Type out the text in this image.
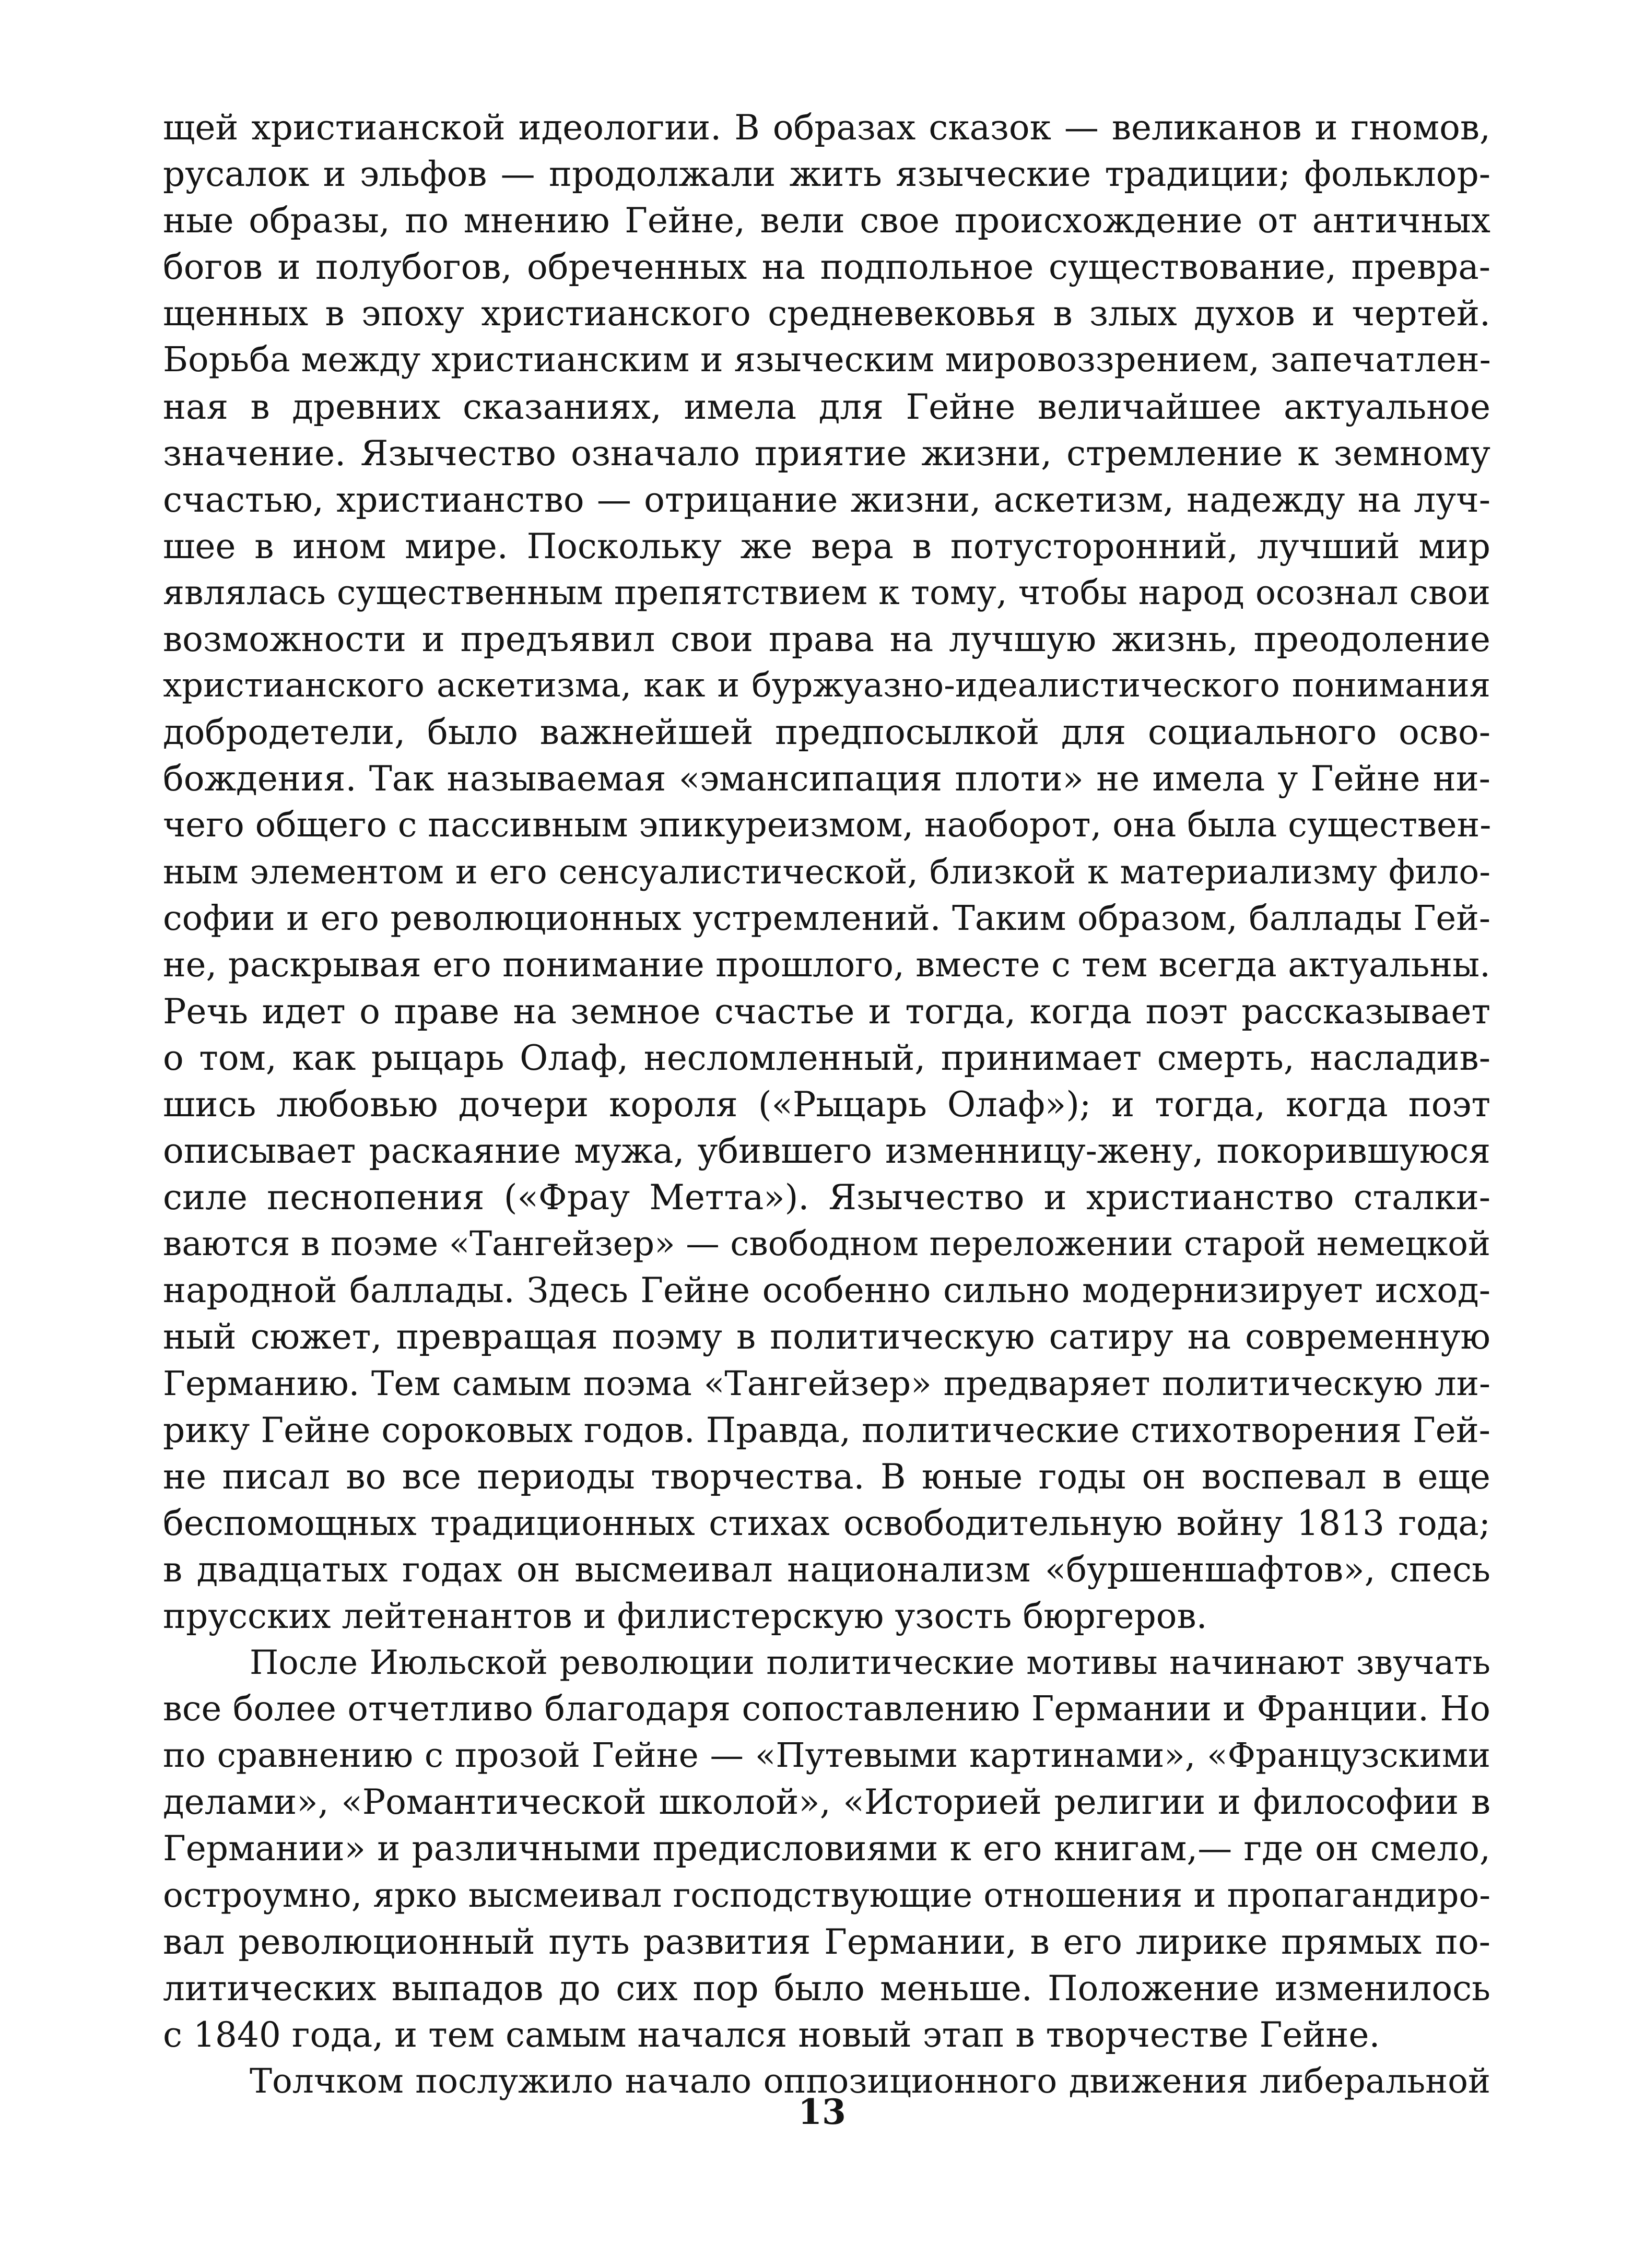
щей христианской идеологии. В образах сказок — великанов и гномов,
русалок и эльфов — продолжали жить языческие традиции; фольклор-
ные образы, по мнению Гейне, вели свое происхождение от античных
богов и полубогов, обреченных на подпольное существование, превра-
щенных в эпоху христианского средневековья в злых духов и чертей.
Борьба между христианским и языческим мировоззрением, запечатлен-
ная в древних сказаниях, имела для Гейне величайшее актуальное
значение. Язычество означало приятие жизни, стремление к земному
счастью, христианство — отрицание жизни, аскетизм, надежду на луч-
шее в ином мире. Поскольку же вера в потусторонний, лучший мир
являлась существенным препятствием к тому, чтобы народ осознал свои
возможности и предъявил свои права на лучшую жизнь, преодоление
христианского аскетизма, как и буржуазно-идеалистического понимания
добродетели, было важнейшей предпосылкой для социального осво-
бождения. Так называемая «эмансипация плоти» не имела у Гейне ни-
чего общего с пассивным эпикуреизмом, наоборот, она была существен-
ным элементом и его сенсуалистической, близкой к материализму фило-
софии и его революционных устремлений. Таким образом, баллады Гей-
не, раскрывая его понимание прошлого, вместе с тем всегда актуальны.
Речь идет о праве на земное счастье и тогда, когда поэт рассказывает
о том, как рыцарь Олаф, несломленный, принимает смерть, насладив-
шись любовью дочери короля («Рыцарь Олаф»); и тогда, когда поэт
описывает раскаяние мужа, убившего изменницу-жену, покорившуюся
силе песнопения («Фрау Метта»). Язычество и христианство сталки-
ваются в поэме «Тангейзер» — свободном переложении старой немецкой
народной баллады. Здесь Гейне особенно сильно модернизирует исход-
ный сюжет, превращая поэму в политическую сатиру на современную
Германию. Тем самым поэма «Тангейзер» предваряет политическую ли-
рику Гейне сороковых годов. Правда, политические стихотворения Гей-
не писал во все периоды творчества. В юные годы он воспевал в еще
беспомощных традиционных стихах освободительную войну 1813 года;
в двадцатых годах он высмеивал национализм «буршеншафтов», спесь
прусских лейтенантов и филистерскую узость бюргеров.
После Июльской революции политические мотивы начинают звучать
все более отчетливо благодаря сопоставлению Германии и Франции. Но
по сравнению с прозой Гейне — «Путевыми картинами», «Французскими
делами», «Романтической школой», «Историей религии и философии в
Германии» и различными предисловиями к его книгам,— где он смело,
остроумно, ярко высмеивал господствующие отношения и пропагандиро-
вал революционный путь развития Германии, в его лирике прямых по-
литических выпадов до сих пор было меньше. Положение изменилось
с 1840 года, и тем самым начался новый этап в творчестве Гейне.
Толчком послужило начало оппозиционного движения либеральной
13
